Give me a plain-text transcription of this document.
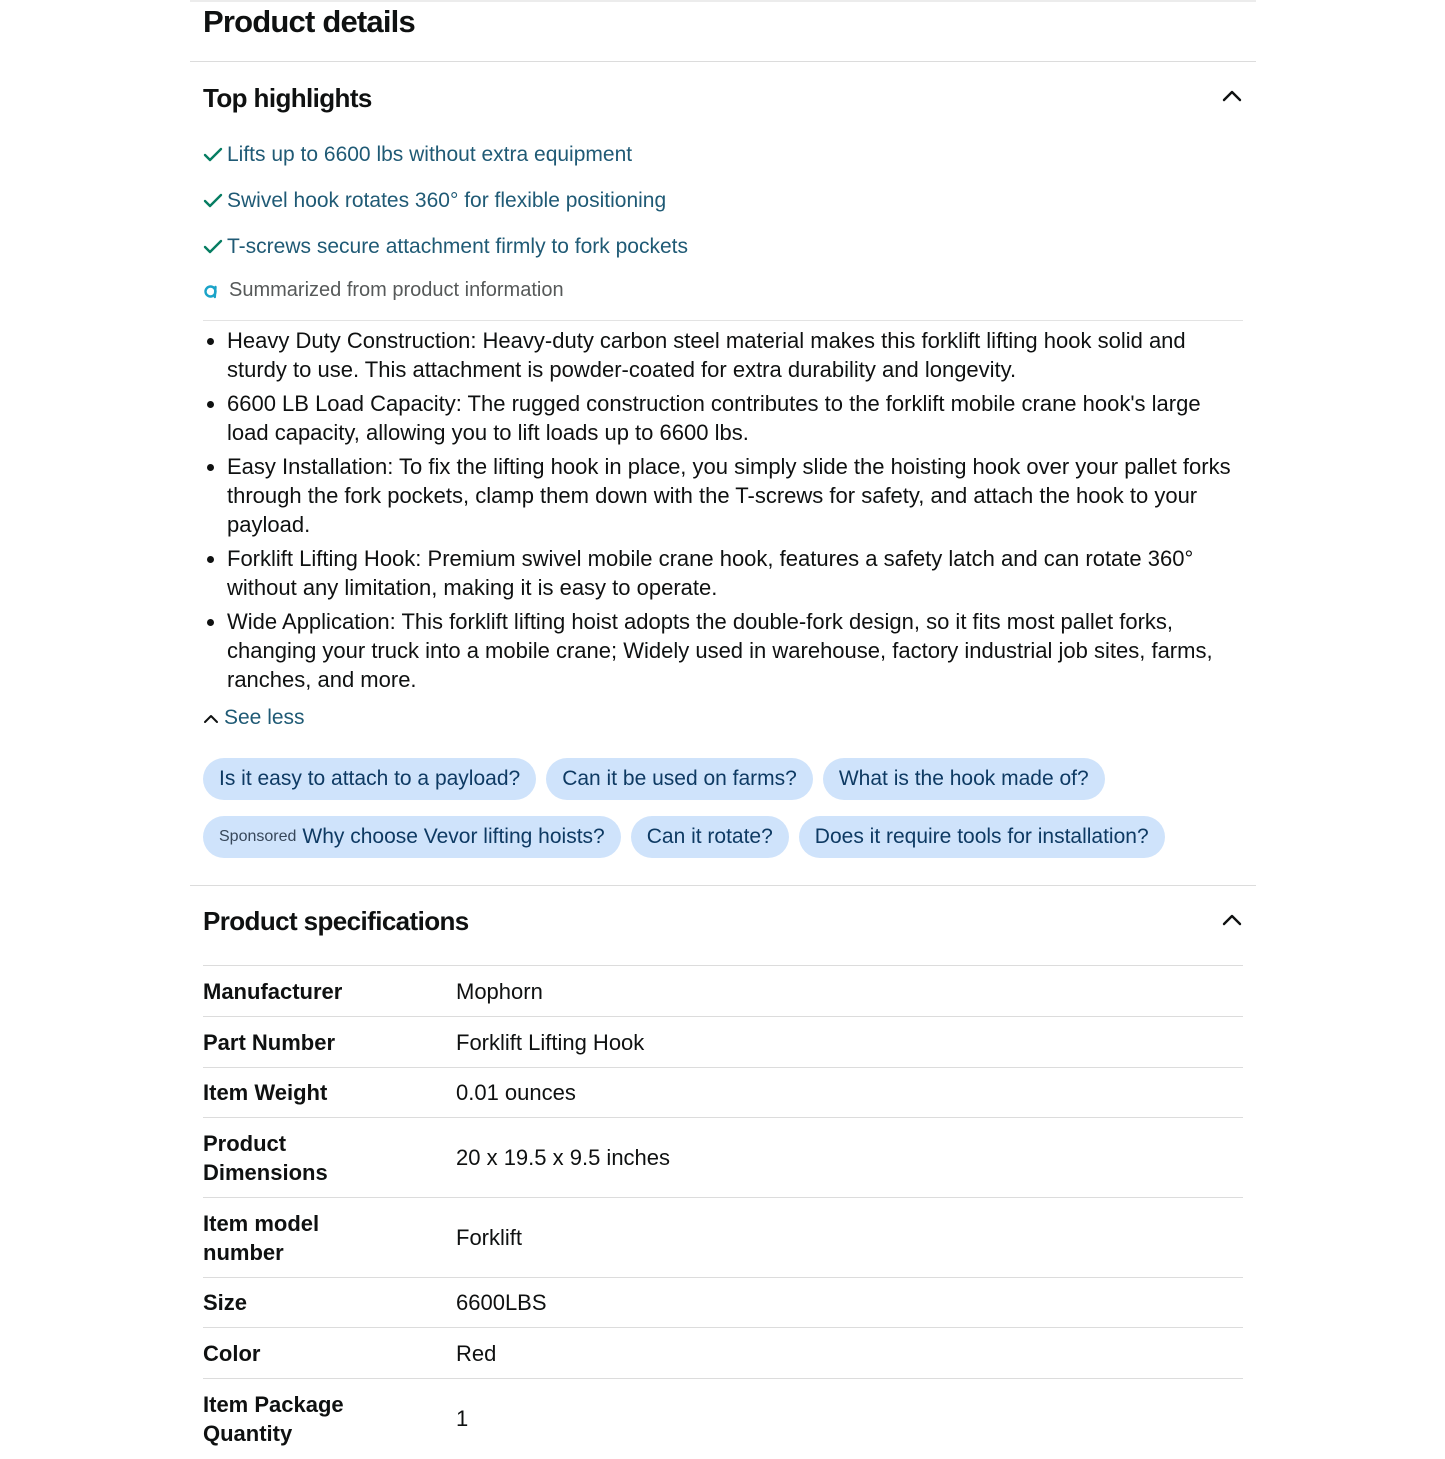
Product details
Top highlights
Lifts up to 6600 lbs without extra equipment
Swivel hook rotates 360° for flexible positioning
T-screws secure attachment firmly to fork pockets
Summarized from product information
• Heavy Duty Construction: Heavy-duty carbon steel material makes this forklift lifting hook solid and sturdy to use. This attachment is powder-coated for extra durability and longevity.
• 6600 LB Load Capacity: The rugged construction contributes to the forklift mobile crane hook's large load capacity, allowing you to lift loads up to 6600 lbs.
• Easy Installation: To fix the lifting hook in place, you simply slide the hoisting hook over your pallet forks through the fork pockets, clamp them down with the T-screws for safety, and attach the hook to your payload.
• Forklift Lifting Hook: Premium swivel mobile crane hook, features a safety latch and can rotate 360° without any limitation, making it is easy to operate.
• Wide Application: This forklift lifting hoist adopts the double-fork design, so it fits most pallet forks, changing your truck into a mobile crane; Widely used in warehouse, factory industrial job sites, farms, ranches, and more.
See less
Is it easy to attach to a payload?	Can it be used on farms?	What is the hook made of?
Sponsored Why choose Vevor lifting hoists?	Can it rotate?	Does it require tools for installation?
Product specifications
Manufacturer	Mophorn
Part Number	Forklift Lifting Hook
Item Weight	0.01 ounces
Product
Dimensions	20 x 19.5 x 9.5 inches
Item model
number	Forklift
Size	6600LBS
Color	Red
Item Package
Quantity	1
